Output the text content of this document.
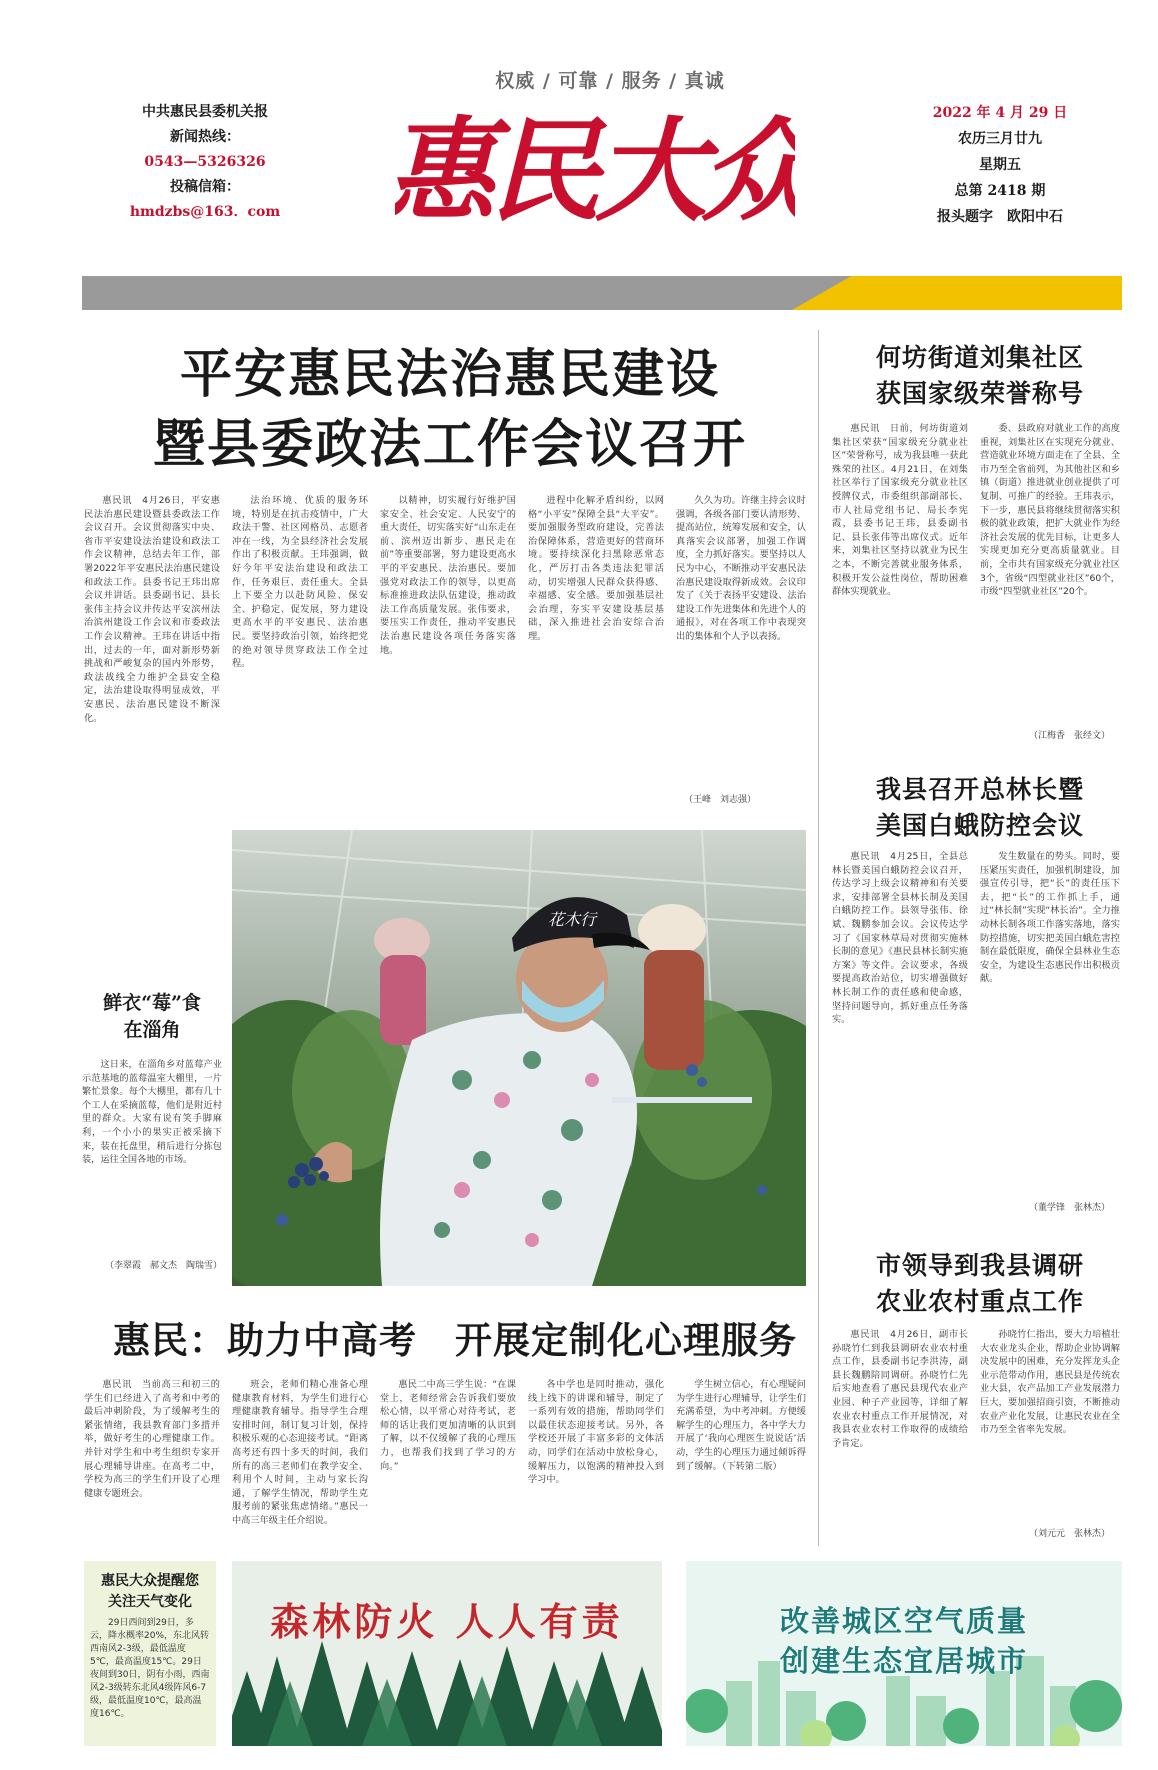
权威 / 可靠 / 服务 / 真诚
中共惠民县委机关报
新闻热线：
0543—5326326
投稿信箱：
hmdzbs@163．com 惠民大众	2022 年 4 月 29 日
农历三月廿九
星期五
总第 2418 期
报头题字　欧阳中石
平安惠民法治惠民建设
暨县委政法工作会议召开

惠民讯　4月26日，平安惠民法治惠民建设暨县委政法工作会议召开。会议贯彻落实中央、省市平安建设法治建设和政法工作会议精神，总结去年工作，部署2022年平安惠民法治惠民建设和政法工作。县委书记王玮出席会议并讲话。县委副书记、县长张伟主持会议并传达平安滨州法治滨州建设工作会议和市委政法工作会议精神。王玮在讲话中指出，过去的一年，面对新形势新挑战和严峻复杂的国内外形势，政法战线全力维护全县安全稳定，法治建设取得明显成效，平安惠民、法治惠民建设不断深化。

法治环境、优质的服务环境，特别是在抗击疫情中，广大政法干警、社区网格员、志愿者冲在一线，为全县经济社会发展作出了积极贡献。王玮强调，做好今年平安法治建设和政法工作，任务艰巨、责任重大。全县上下要全力以赴防风险、保安全、护稳定、促发展，努力建设更高水平的平安惠民、法治惠民。要坚持政治引领，始终把党的绝对领导贯穿政法工作全过程。

以精神，切实履行好维护国家安全、社会安定、人民安宁的重大责任，切实落实好“山东走在前、滨州迈出新步、惠民走在前”等重要部署，努力建设更高水平的平安惠民、法治惠民。要加强党对政法工作的领导，以更高标准推进政法队伍建设，推动政法工作高质量发展。张伟要求，要压实工作责任，推动平安惠民法治惠民建设各项任务落实落地。

进程中化解矛盾纠纷，以网格“小平安”保障全县“大平安”。要加强服务型政府建设，完善法治保障体系，营造更好的营商环境。要持续深化扫黑除恶常态化，严厉打击各类违法犯罪活动，切实增强人民群众获得感、幸福感、安全感。要加强基层社会治理，夯实平安建设基层基础，深入推进社会治安综合治理。

久久为功。许继主持会议时强调，各级各部门要认清形势、提高站位，统筹发展和安全，认真落实会议部署，加强工作调度，全力抓好落实。要坚持以人民为中心，不断推动平安惠民法治惠民建设取得新成效。会议印发了《关于表扬平安建设、法治建设工作先进集体和先进个人的通报》，对在各项工作中表现突出的集体和个人予以表扬。

（王峰　刘志强）
何坊街道刘集社区
获国家级荣誉称号

惠民讯　日前，何坊街道刘集社区荣获“国家级充分就业社区”荣誉称号，成为我县唯一获此殊荣的社区。4月21日，在刘集社区举行了国家级充分就业社区授牌仪式，市委组织部副部长、市人社局党组书记、局长李宪霞，县委书记王玮，县委副书记、县长张伟等出席仪式。近年来，刘集社区坚持以就业为民生之本，不断完善就业服务体系，积极开发公益性岗位，帮助困难群体实现就业。

委、县政府对就业工作的高度重视，刘集社区在实现充分就业、营造就业环境方面走在了全县、全市乃至全省前列，为其他社区和乡镇（街道）推进就业创业提供了可复制、可推广的经验。王玮表示，下一步，惠民县将继续贯彻落实积极的就业政策，把扩大就业作为经济社会发展的优先目标，让更多人实现更加充分更高质量就业。目前，全市共有国家级充分就业社区3个，省级“四型就业社区”60个，市级“四型就业社区”20个。

（江梅香　张经文）
我县召开总林长暨
美国白蛾防控会议

惠民讯　4月25日，全县总林长暨美国白蛾防控会议召开，传达学习上级会议精神和有关要求，安排部署全县林长制及美国白蛾防控工作。县领导张伟、徐斌、魏鹏参加会议。会议传达学习了《国家林草局对贯彻实施林长制的意见》《惠民县林长制实施方案》等文件。会议要求，各级要提高政治站位，切实增强做好林长制工作的责任感和使命感，坚持问题导向，抓好重点任务落实。

发生数量在的势头。同时，要压紧压实责任，加强机制建设，加强宣传引导，把“长”的责任压下去，把“长”的工作抓上手，通过“林长制”实现“林长治”。全力推动林长制各项工作落实落地，落实防控措施，切实把美国白蛾危害控制在最低限度，确保全县林业生态安全，为建设生态惠民作出积极贡献。

（董学锋　张林杰）
花木行
鲜衣“莓”食
在淄角

这日来，在淄角乡对蓝莓产业示范基地的蓝莓温室大棚里，一片繁忙景象。每个大棚里，都有几十个工人在采摘蓝莓，他们是附近村里的群众。大家有说有笑手脚麻利，一个小小的果实正被采摘下来，装在托盘里，稍后进行分拣包装，运往全国各地的市场。

（李翠霞　郝文杰　陶瑞雪）
惠民：助力中高考　开展定制化心理服务

惠民讯　当前高三和初三的学生们已经进入了高考和中考的最后冲刺阶段，为了缓解考生的紧张情绪，我县教育部门多措并举，做好考生的心理健康工作。并针对学生和中考生组织专家开展心理辅导讲座。在高考二中，学校为高三的学生们开设了心理健康专题班会。

班会，老师们精心准备心理健康教育材料，为学生们进行心理健康教育辅导。指导学生合理安排时间，制订复习计划，保持积极乐观的心态迎接考试。“距离高考还有四十多天的时间，我们所有的高三老师们在教学安全、利用个人时间，主动与家长沟通，了解学生情况，帮助学生克服考前的紧张焦虑情绪。”惠民一中高三年级主任介绍说。

惠民二中高三学生说：“在课堂上，老师经常会告诉我们要放松心情，以平常心对待考试，老师的话让我们更加清晰的认识到了解，以不仅缓解了我的心理压力，也帮我们找到了学习的方向。”

各中学也是同时推动，强化线上线下的讲课和辅导，制定了一系列有效的措施，帮助同学们以最佳状态迎接考试。另外，各学校还开展了丰富多彩的文体活动，同学们在活动中放松身心，缓解压力，以饱满的精神投入到学习中。

学生树立信心，有心理疑问为学生进行心理辅导，让学生们充满希望，为中考冲刺。方便缓解学生的心理压力，各中学大力开展了‘我向心理医生说说话’活动，学生的心理压力通过倾诉得到了缓解。（下转第二版）

市领导到我县调研
农业农村重点工作

惠民讯　4月26日，副市长孙晓竹仁到我县调研农业农村重点工作，县委副书记李洪涛，副县长魏鹏陪同调研。孙晓竹仁先后实地查看了惠民县现代农业产业园、种子产业园等，详细了解农业农村重点工作开展情况，对我县农业农村工作取得的成绩给予肯定。

孙晓竹仁指出，要大力培植壮大农业龙头企业，帮助企业协调解决发展中的困难，充分发挥龙头企业示范带动作用，惠民县是传统农业大县，农产品加工产业发展潜力巨大，要加强招商引资，不断推动农业产业化发展，让惠民农业在全市乃至全省率先发展。

（刘元元　张林杰）
惠民大众提醒您
关注天气变化
29日西间到29日，多云，降水概率20%，东北风转西南风2-3级，最低温度5℃，最高温度15℃。29日夜间到30日，阴有小雨，西南风2-3级转东北风4级阵风6-7级，最低温度10℃，最高温度16℃。
森林防火 人人有责	改善城区空气质量
创建生态宜居城市
